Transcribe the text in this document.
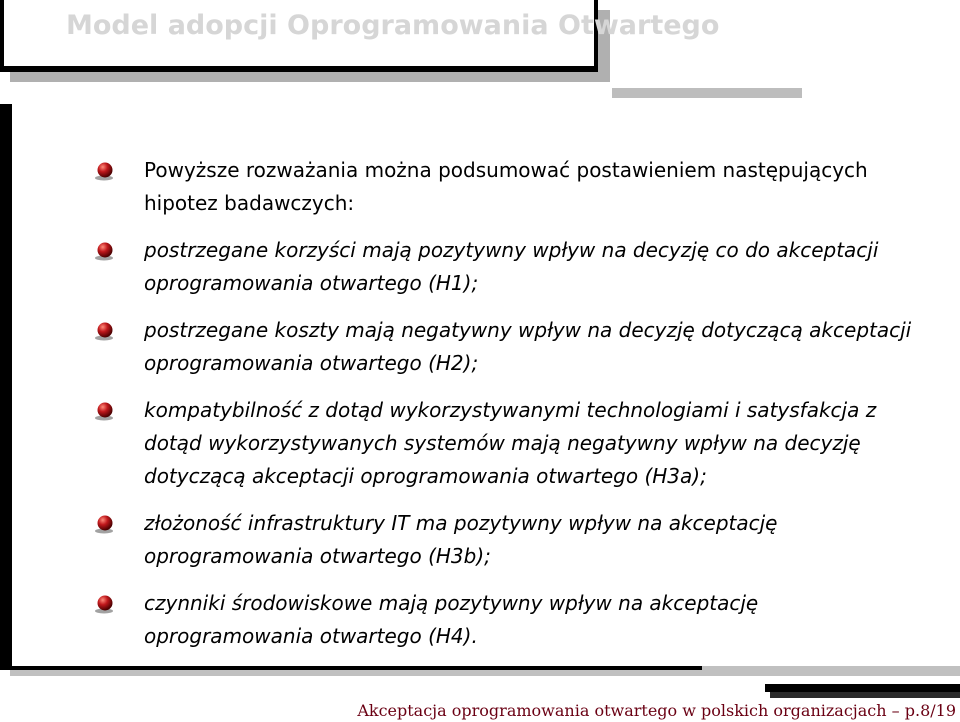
Model adopcji Oprogramowania Otwartego
Powyższe rozważania można podsumować postawieniem następujących hipotez badawczych:
postrzegane korzyści mają pozytywny wpływ na decyzję co do akceptacji oprogramowania otwartego (H1);
postrzegane koszty mają negatywny wpływ na decyzję dotyczącą akceptacji oprogramowania otwartego (H2);
kompatybilność z dotąd wykorzystywanymi technologiami i satysfakcja z dotąd wykorzystywanych systemów mają negatywny wpływ na decyzję dotyczącą akceptacji oprogramowania otwartego (H3a);
złożoność infrastruktury IT ma pozytywny wpływ na akceptację oprogramowania otwartego (H3b);
czynniki środowiskowe mają pozytywny wpływ na akceptację oprogramowania otwartego (H4).
Akceptacja oprogramowania otwartego w polskich organizacjach – p.8/19
